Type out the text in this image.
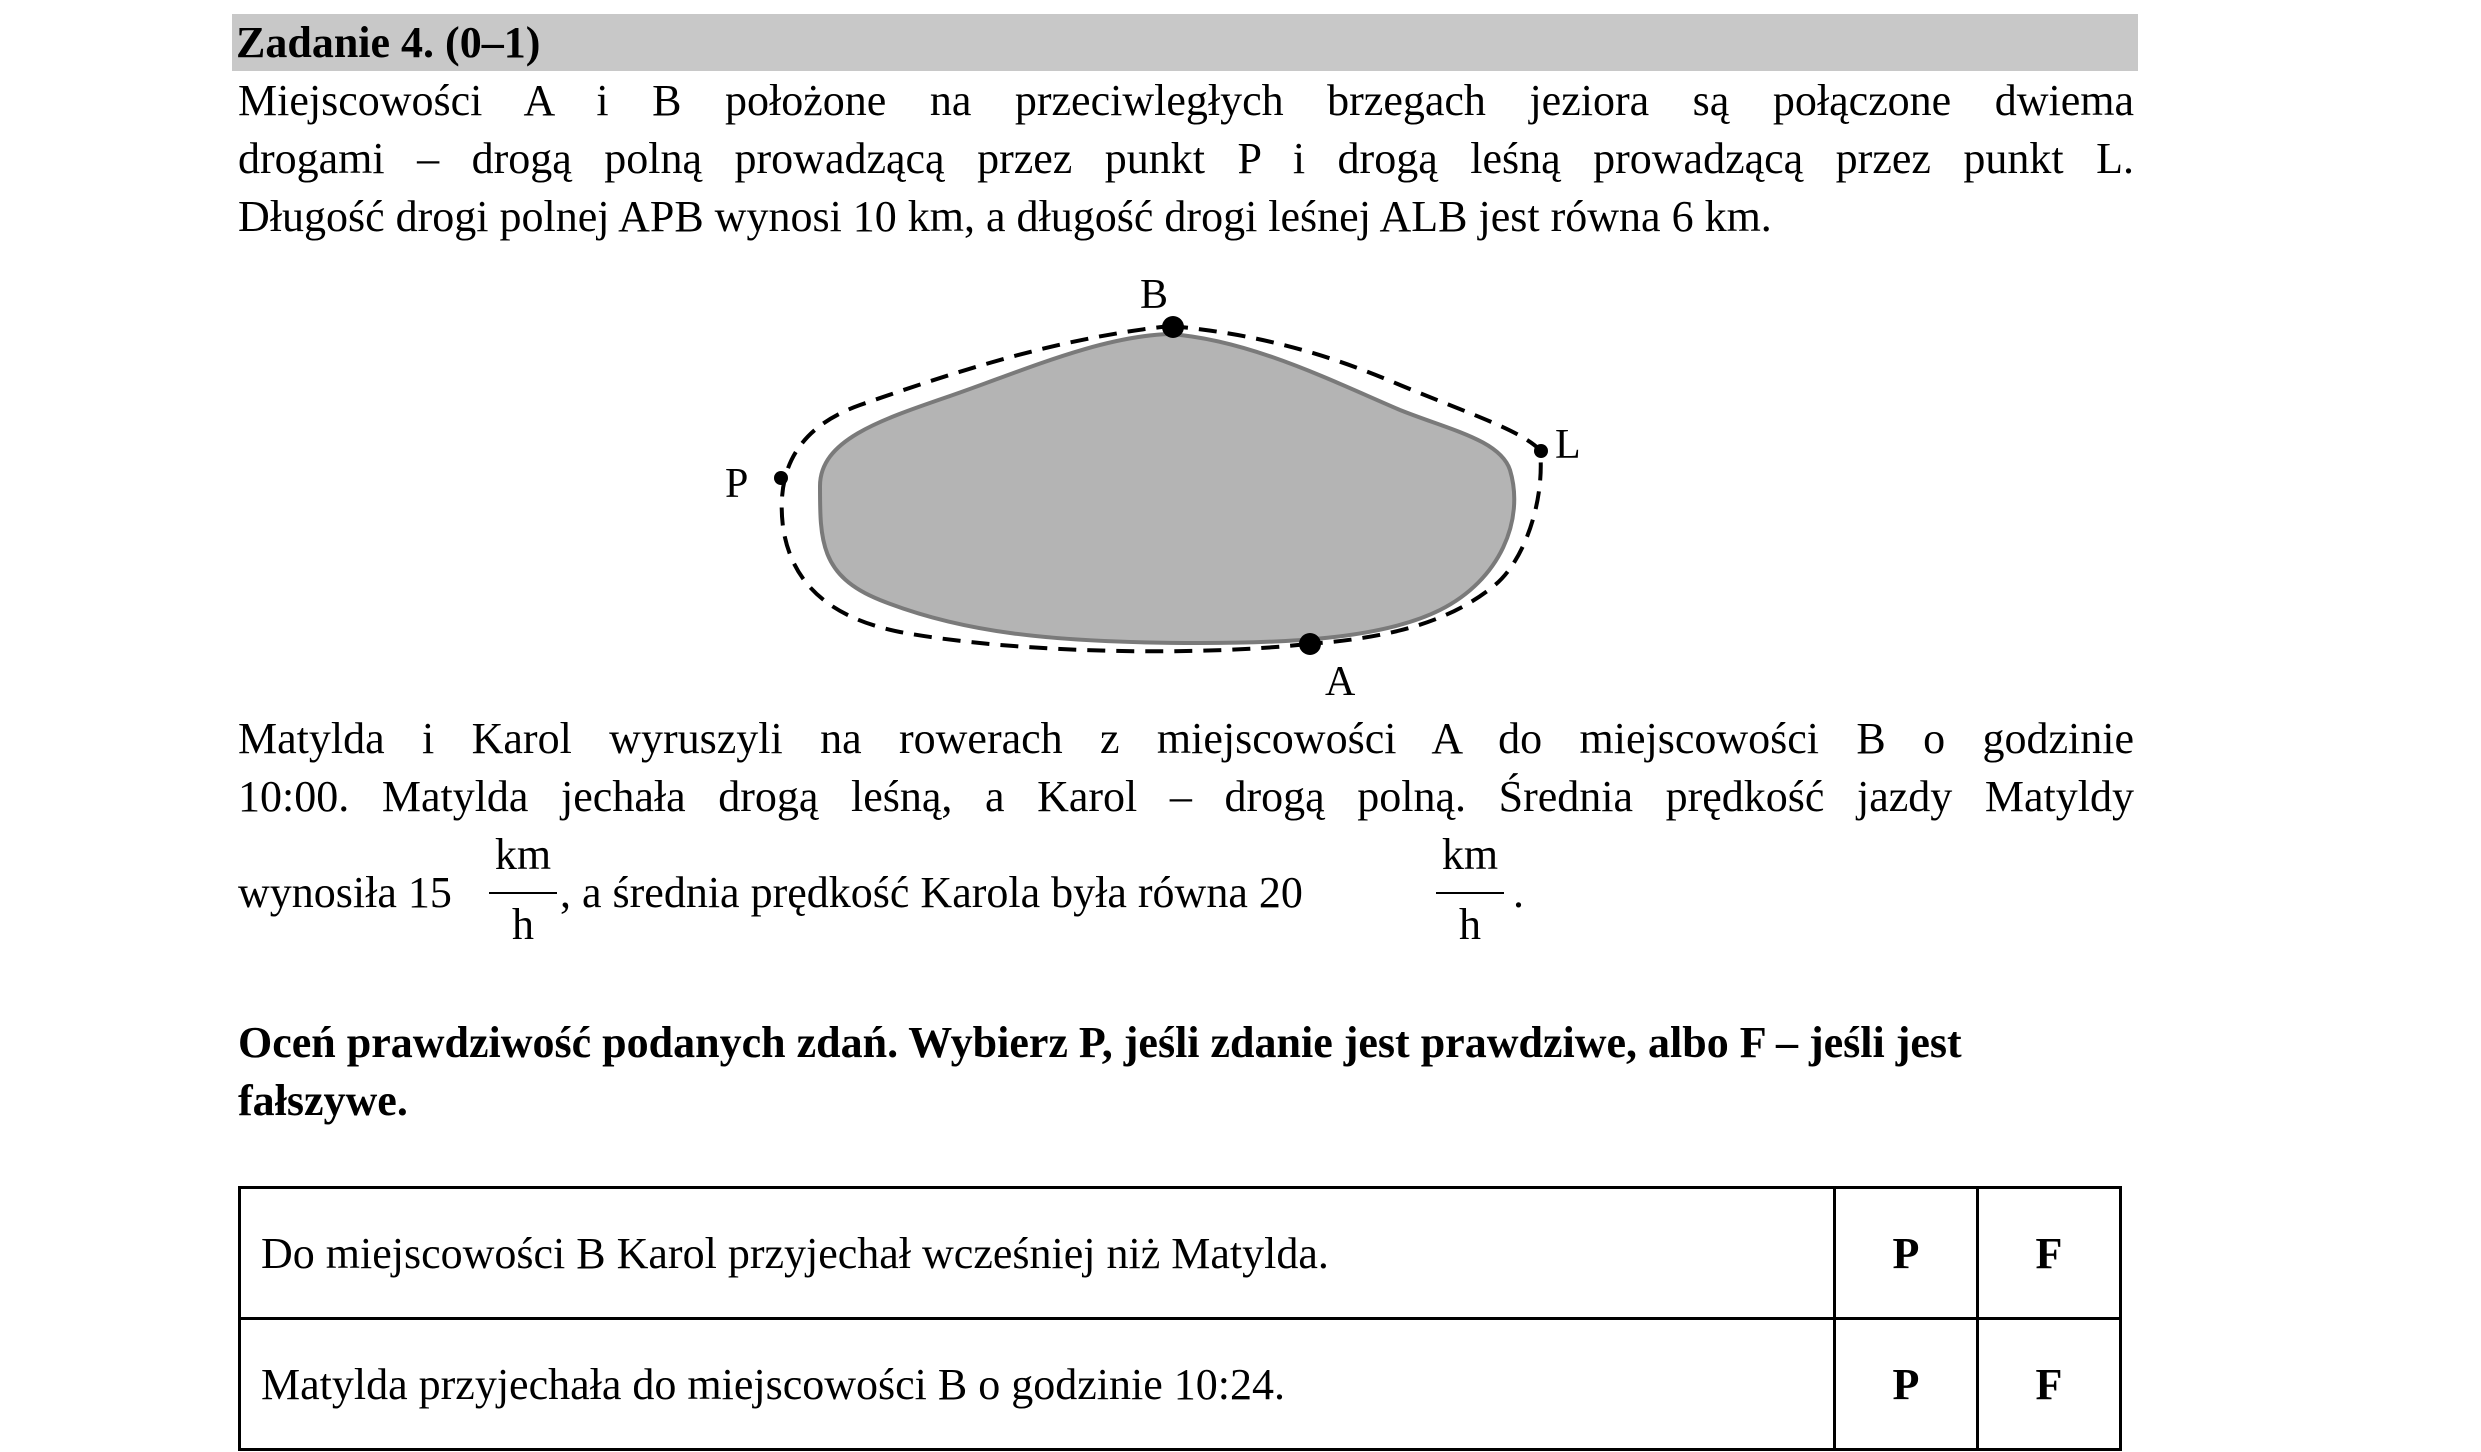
Zadanie 4. (0–1)
Miejscowości A i B położone na przeciwległych brzegach jeziora są połączone dwiema
drogami – drogą polną prowadzącą przez punkt P i drogą leśną prowadzącą przez punkt L.
Długość drogi polnej APB wynosi 10 km, a długość drogi leśnej ALB jest równa 6 km.
B
L
P
A
Matylda i Karol wyruszyli na rowerach z miejscowości A do miejscowości B o godzinie
10:00. Matylda jechała drogą leśną, a Karol – drogą polną. Średnia prędkość jazdy Matyldy
wynosiła 15
km
h
, a średnia prędkość Karola była równa 20
km
h
.
Oceń prawdziwość podanych zdań. Wybierz P, jeśli zdanie jest prawdziwe, albo F – jeśli jest fałszywe.
Do miejscowości B Karol przyjechał wcześniej niż Matylda.	P	F
Matylda przyjechała do miejscowości B o godzinie 10:24.	P	F
